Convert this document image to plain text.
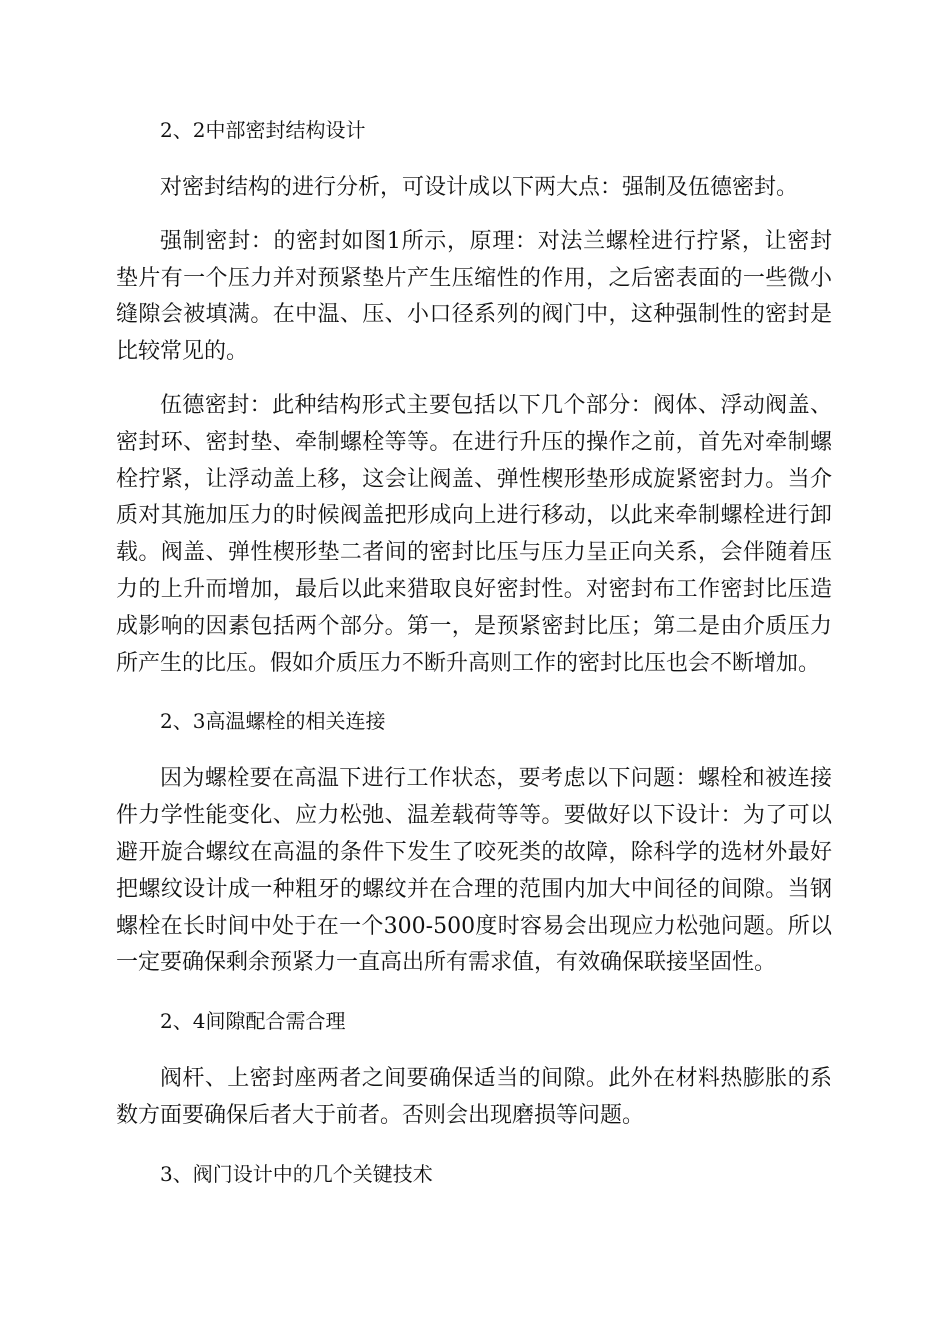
2、2中部密封结构设计

对密封结构的进行分析，可设计成以下两大点：强制及伍德密封。

强制密封：的密封如图1所示，原理：对法兰螺栓进行拧紧，让密封垫片有一个压力并对预紧垫片产生压缩性的作用，之后密表面的一些微小缝隙会被填满。在中温、压、小口径系列的阀门中，这种强制性的密封是比较常见的。

伍德密封：此种结构形式主要包括以下几个部分：阀体、浮动阀盖、密封环、密封垫、牵制螺栓等等。在进行升压的操作之前，首先对牵制螺栓拧紧，让浮动盖上移，这会让阀盖、弹性楔形垫形成旋紧密封力。当介质对其施加压力的时候阀盖把形成向上进行移动，以此来牵制螺栓进行卸载。阀盖、弹性楔形垫二者间的密封比压与压力呈正向关系，会伴随着压力的上升而增加，最后以此来猎取良好密封性。对密封布工作密封比压造成影响的因素包括两个部分。第一，是预紧密封比压；第二是由介质压力所产生的比压。假如介质压力不断升高则工作的密封比压也会不断增加。

2、3高温螺栓的相关连接

因为螺栓要在高温下进行工作状态，要考虑以下问题：螺栓和被连接件力学性能变化、应力松弛、温差载荷等等。要做好以下设计：为了可以避开旋合螺纹在高温的条件下发生了咬死类的故障，除科学的选材外最好把螺纹设计成一种粗牙的螺纹并在合理的范围内加大中间径的间隙。当钢螺栓在长时间中处于在一个300-500度时容易会出现应力松弛问题。所以一定要确保剩余预紧力一直高出所有需求值，有效确保联接坚固性。

2、4间隙配合需合理

阀杆、上密封座两者之间要确保适当的间隙。此外在材料热膨胀的系数方面要确保后者大于前者。否则会出现磨损等问题。

3、阀门设计中的几个关键技术
